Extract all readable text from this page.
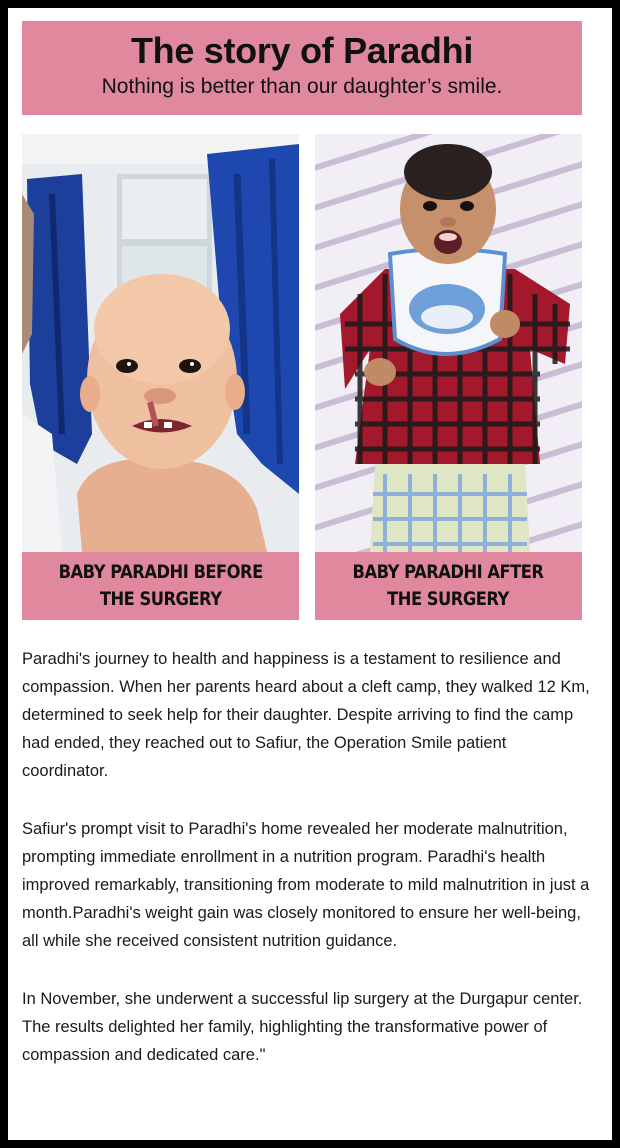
The story of Paradhi
Nothing is better than our daughter’s smile.
BABY PARADHI BEFORE
THE SURGERY
BABY PARADHI AFTER
THE SURGERY

Paradhi's journey to health and happiness is a testament to resilience and compassion. When her parents heard about a cleft camp, they walked 12 Km, determined to seek help for their daughter. Despite arriving to find the camp had ended, they reached out to Safiur, the Operation Smile patient coordinator.

Safiur's prompt visit to Paradhi's home revealed her moderate malnutrition, prompting immediate enrollment in a nutrition program. Paradhi's health improved remarkably, transitioning from moderate to mild malnutrition in just a month.Paradhi's weight gain was closely monitored to ensure her well-being, all while she received consistent nutrition guidance.

In November, she underwent a successful lip surgery at the Durgapur center. The results delighted her family, highlighting the transformative power of compassion and dedicated care."
